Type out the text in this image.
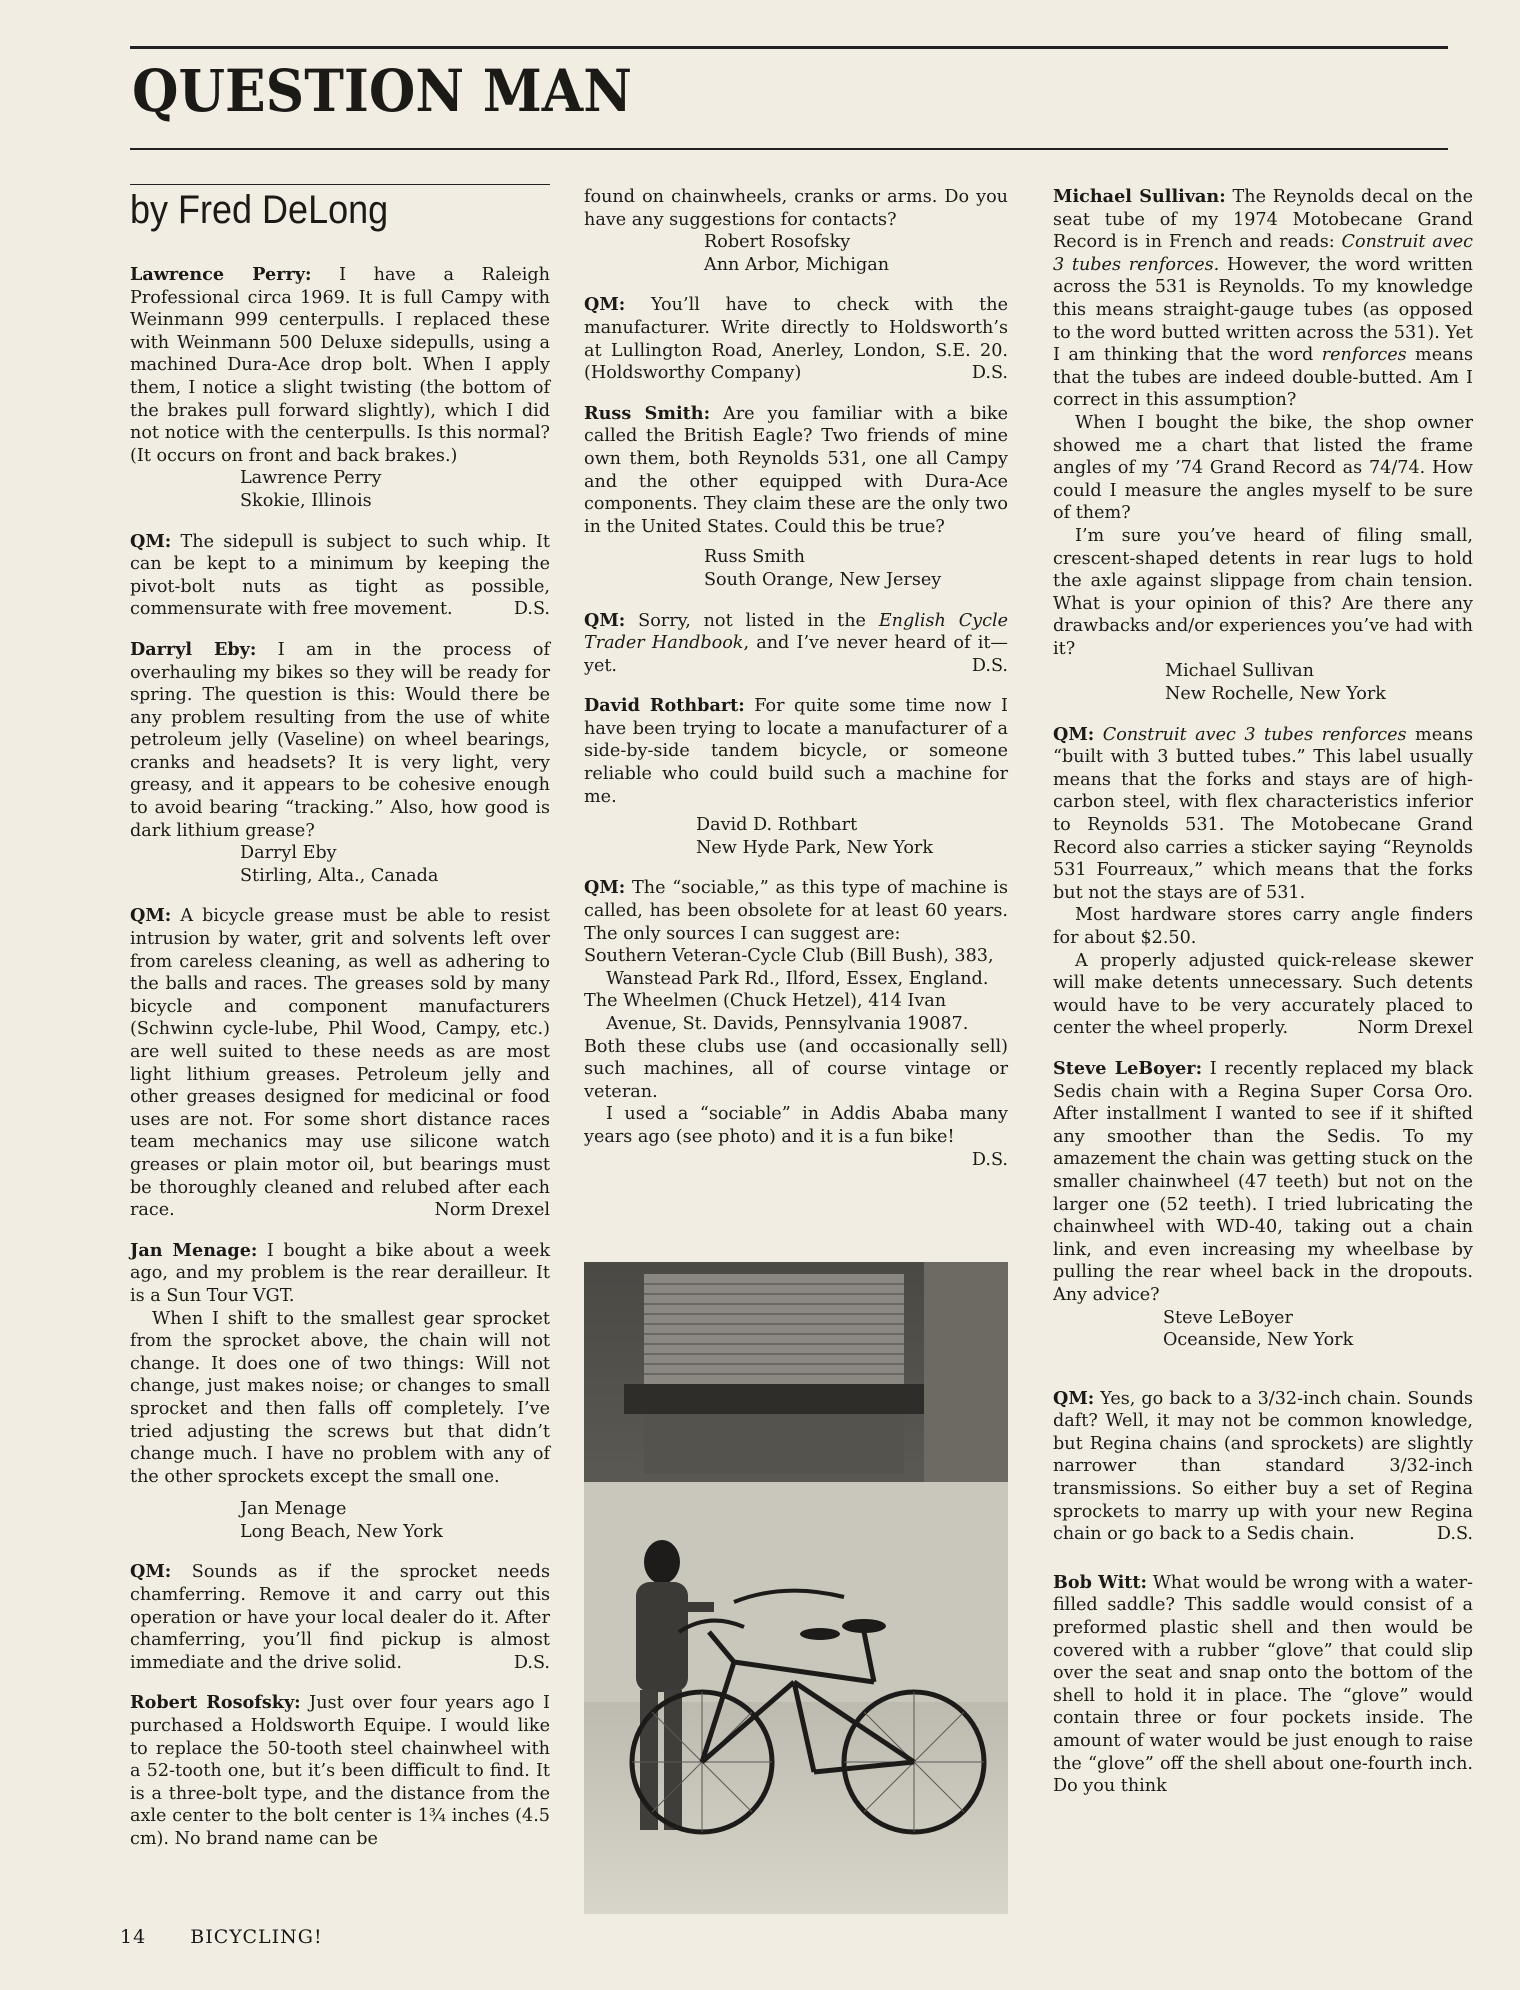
QUESTION MAN
by Fred DeLong

Lawrence Perry: I have a Raleigh Professional circa 1969. It is full Campy with Weinmann 999 centerpulls. I replaced these with Weinmann 500 Deluxe sidepulls, using a machined Dura-Ace drop bolt. When I apply them, I notice a slight twisting (the bottom of the brakes pull forward slightly), which I did not notice with the centerpulls. Is this normal? (It occurs on front and back brakes.)

Lawrence Perry

Skokie, Illinois

QM: The sidepull is subject to such whip. It can be kept to a minimum by keeping the pivot-bolt nuts as tight as possible, commensurate with free movement.	D.S.

Darryl Eby: I am in the process of overhauling my bikes so they will be ready for spring. The question is this: Would there be any problem resulting from the use of white petroleum jelly (Vaseline) on wheel bearings, cranks and headsets? It is very light, very greasy, and it appears to be cohesive enough to avoid bearing “tracking.” Also, how good is dark lithium grease?

Darryl Eby

Stirling, Alta., Canada

QM: A bicycle grease must be able to resist intrusion by water, grit and solvents left over from careless cleaning, as well as adhering to the balls and races. The greases sold by many bicycle and component manufacturers (Schwinn cycle-lube, Phil Wood, Campy, etc.) are well suited to these needs as are most light lithium greases. Petroleum jelly and other greases designed for medicinal or food uses are not. For some short distance races team mechanics may use silicone watch greases or plain motor oil, but bearings must be thoroughly cleaned and relubed after each race.	Norm Drexel

Jan Menage: I bought a bike about a week ago, and my problem is the rear derailleur. It is a Sun Tour VGT.

When I shift to the smallest gear sprocket from the sprocket above, the chain will not change. It does one of two things: Will not change, just makes noise; or changes to small sprocket and then falls off completely. I’ve tried adjusting the screws but that didn’t change much. I have no problem with any of the other sprockets except the small one.

Jan Menage

Long Beach, New York

QM: Sounds as if the sprocket needs chamferring. Remove it and carry out this operation or have your local dealer do it. After chamferring, you’ll find pickup is almost immediate and the drive solid.	D.S.

Robert Rosofsky: Just over four years ago I purchased a Holdsworth Equipe. I would like to replace the 50-tooth steel chainwheel with a 52-tooth one, but it’s been difficult to find. It is a three-bolt type, and the distance from the axle center to the bolt center is 1¾ inches (4.5 cm). No brand name can be

found on chainwheels, cranks or arms. Do you have any suggestions for contacts?

Robert Rosofsky

Ann Arbor, Michigan

QM: You’ll have to check with the manufacturer. Write directly to Holdsworth’s at Lullington Road, Anerley, London, S.E. 20. (Holdsworthy Company)	D.S.

Russ Smith: Are you familiar with a bike called the British Eagle? Two friends of mine own them, both Reynolds 531, one all Campy and the other equipped with Dura-Ace components. They claim these are the only two in the United States. Could this be true?

Russ Smith

South Orange, New Jersey

QM: Sorry, not listed in the English Cycle Trader Handbook, and I’ve never heard of it—yet.	D.S.

David Rothbart: For quite some time now I have been trying to locate a manufacturer of a side-by-side tandem bicycle, or someone reliable who could build such a machine for me.

David D. Rothbart

New Hyde Park, New York

QM: The “sociable,” as this type of machine is called, has been obsolete for at least 60 years. The only sources I can suggest are:

Southern Veteran-Cycle Club (Bill Bush), 383, Wanstead Park Rd., Ilford, Essex, England.

The Wheelmen (Chuck Hetzel), 414 Ivan Avenue, St. Davids, Pennsylvania 19087.

Both these clubs use (and occasionally sell) such machines, all of course vintage or veteran.

I used a “sociable” in Addis Ababa many years ago (see photo) and it is a fun bike!

D.S.

Michael Sullivan: The Reynolds decal on the seat tube of my 1974 Motobecane Grand Record is in French and reads: Construit avec 3 tubes renforces. However, the word written across the 531 is Reynolds. To my knowledge this means straight-gauge tubes (as opposed to the word butted written across the 531). Yet I am thinking that the word renforces means that the tubes are indeed double-butted. Am I correct in this assumption?

When I bought the bike, the shop owner showed me a chart that listed the frame angles of my ’74 Grand Record as 74/74. How could I measure the angles myself to be sure of them?

I’m sure you’ve heard of filing small, crescent-shaped detents in rear lugs to hold the axle against slippage from chain tension. What is your opinion of this? Are there any drawbacks and/or experiences you’ve had with it?

Michael Sullivan

New Rochelle, New York

QM: Construit avec 3 tubes renforces means “built with 3 butted tubes.” This label usually means that the forks and stays are of high-carbon steel, with flex characteristics inferior to Reynolds 531. The Motobecane Grand Record also carries a sticker saying “Reynolds 531 Fourreaux,” which means that the forks but not the stays are of 531.

Most hardware stores carry angle finders for about $2.50.

A properly adjusted quick-release skewer will make detents unnecessary. Such detents would have to be very accurately placed to center the wheel properly.	Norm Drexel

Steve LeBoyer: I recently replaced my black Sedis chain with a Regina Super Corsa Oro. After installment I wanted to see if it shifted any smoother than the Sedis. To my amazement the chain was getting stuck on the smaller chainwheel (47 teeth) but not on the larger one (52 teeth). I tried lubricating the chainwheel with WD-40, taking out a chain link, and even increasing my wheelbase by pulling the rear wheel back in the dropouts. Any advice?

Steve LeBoyer

Oceanside, New York

QM: Yes, go back to a 3/32-inch chain. Sounds daft? Well, it may not be common knowledge, but Regina chains (and sprockets) are slightly narrower than standard 3/32-inch transmissions. So either buy a set of Regina sprockets to marry up with your new Regina chain or go back to a Sedis chain.	D.S.

Bob Witt: What would be wrong with a water-filled saddle? This saddle would consist of a preformed plastic shell and then would be covered with a rubber “glove” that could slip over the seat and snap onto the bottom of the shell to hold it in place. The “glove” would contain three or four pockets inside. The amount of water would be just enough to raise the “glove” off the shell about one-fourth inch. Do you think

14 BICYCLING!
